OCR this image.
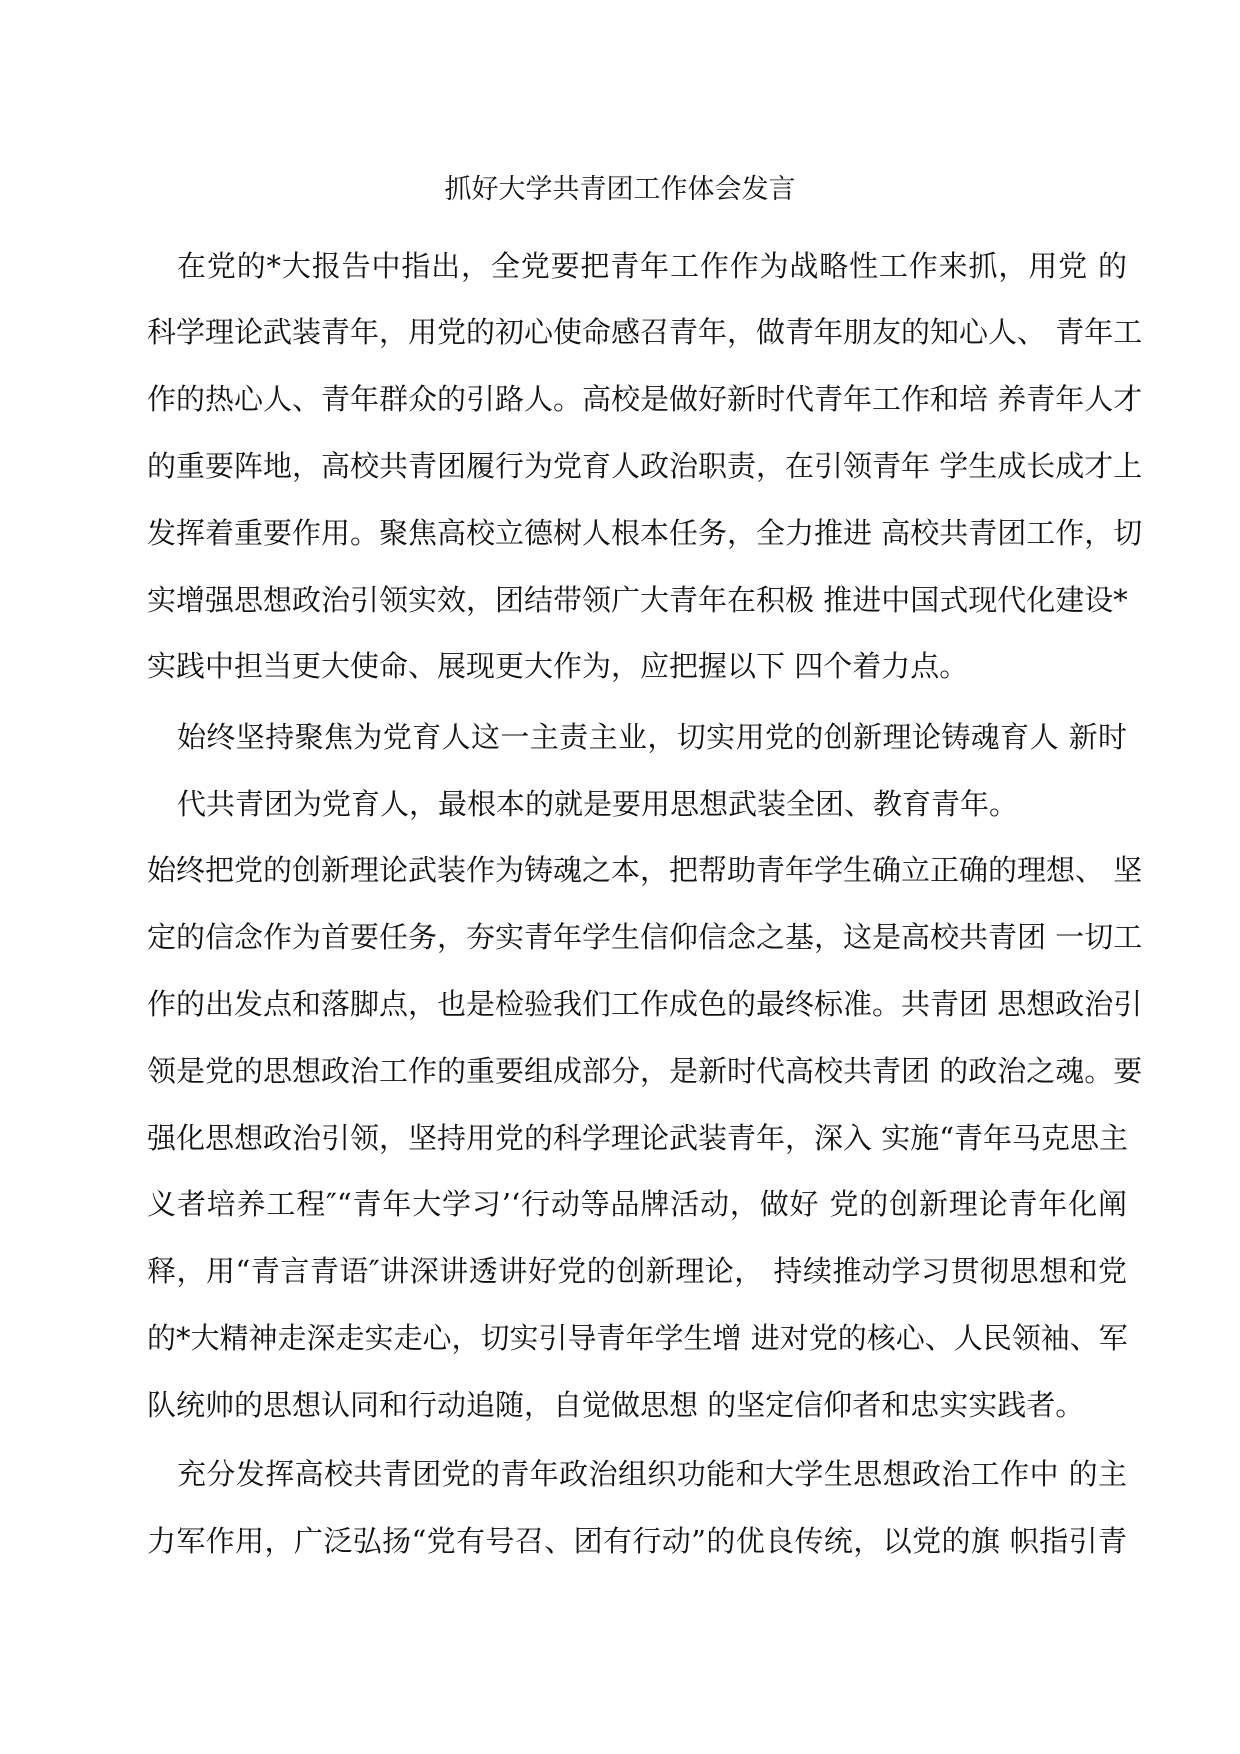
抓好大学共青团工作体会发言
在党的*大报告中指出，全党要把青年工作作为战略性工作来抓，用党 的
科学理论武装青年，用党的初心使命感召青年，做青年朋友的知心人、 青年工
作的热心人、青年群众的引路人。高校是做好新时代青年工作和培 养青年人才
的重要阵地，高校共青团履行为党育人政治职责，在引领青年 学生成长成才上
发挥着重要作用。聚焦高校立德树人根本任务，全力推进 高校共青团工作，切
实增强思想政治引领实效，团结带领广大青年在积极 推进中国式现代化建设*
实践中担当更大使命、展现更大作为，应把握以下 四个着力点。
始终坚持聚焦为党育人这一主责主业，切实用党的创新理论铸魂育人 新时
代共青团为党育人，最根本的就是要用思想武装全团、教育青年。
始终把党的创新理论武装作为铸魂之本，把帮助青年学生确立正确的理想、 坚
定的信念作为首要任务，夯实青年学生信仰信念之基，这是高校共青团 一切工
作的出发点和落脚点，也是检验我们工作成色的最终标准。共青团 思想政治引
领是党的思想政治工作的重要组成部分，是新时代高校共青团 的政治之魂。要
强化思想政治引领，坚持用党的科学理论武装青年，深入 实施“青年马克思主
义者培养工程″“青年大学习’‘行动等品牌活动，做好 党的创新理论青年化阐
释，用“青言青语″讲深讲透讲好党的创新理论， 持续推动学习贯彻思想和党
的*大精神走深走实走心，切实引导青年学生增 进对党的核心、人民领袖、军
队统帅的思想认同和行动追随，自觉做思想 的坚定信仰者和忠实实践者。
充分发挥高校共青团党的青年政治组织功能和大学生思想政治工作中 的主
力军作用，广泛弘扬“党有号召、团有行动”的优良传统，以党的旗 帜指引青
